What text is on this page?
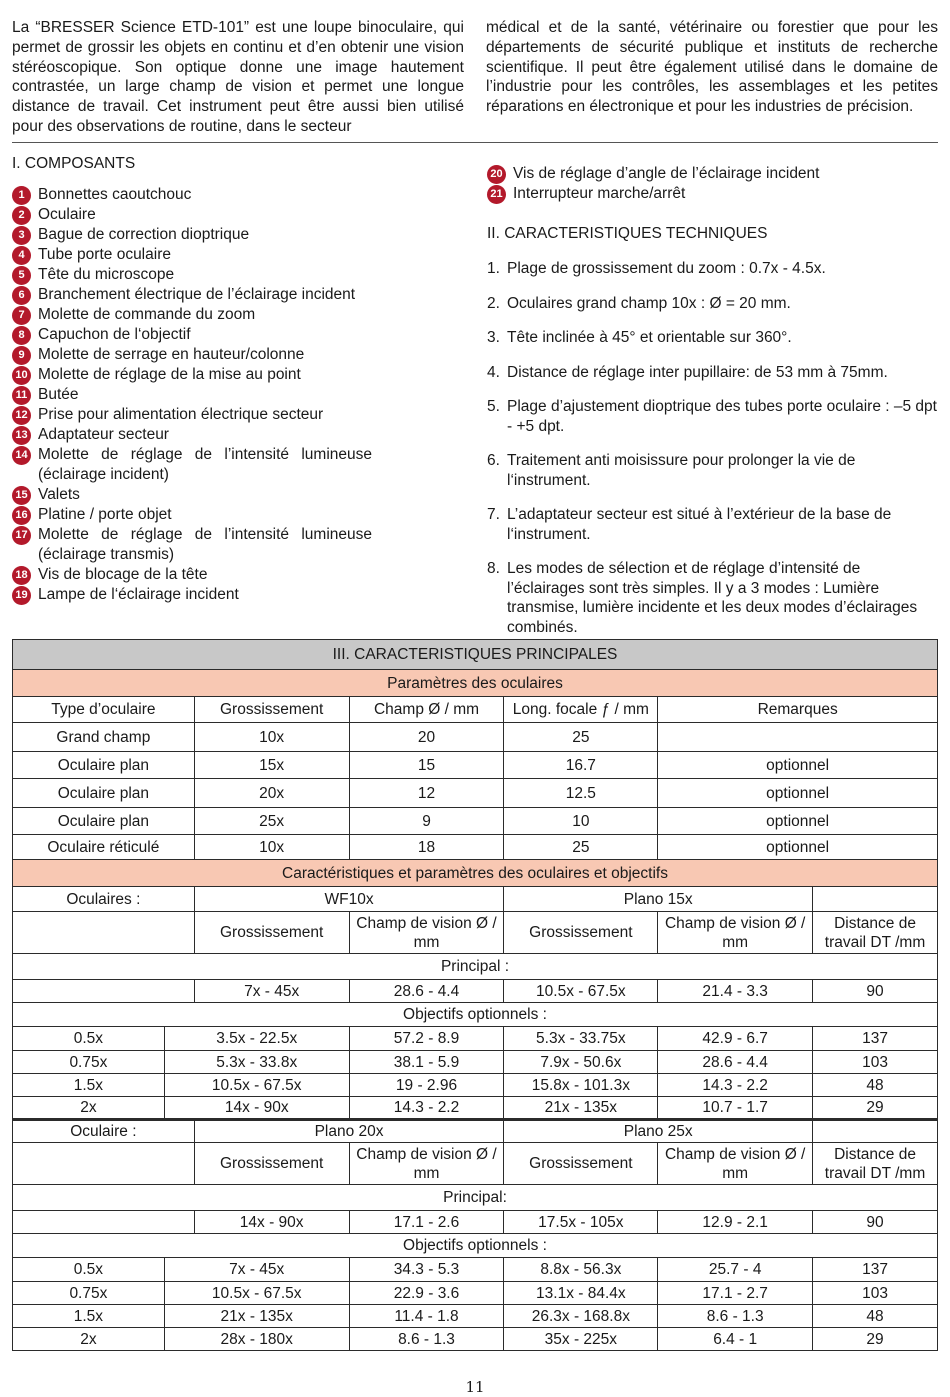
La “BRESSER Science ETD-101” est une loupe binoculaire, qui permet de grossir les objets en continu et d’en obtenir une vision stéréoscopique. Son optique donne une image hautement contrastée, un large champ de vision et permet une longue distance de travail. Cet instrument peut être aussi bien utilisé pour des observations de routine, dans le secteur

médical et de la santé, vétérinaire ou forestier que pour les départements de sécurité publique et instituts de recherche scientifique. Il peut être également utilisé dans le domaine de l’industrie pour les contrôles, les assemblages et les petites réparations en électronique et pour les industries de précision.

I. COMPOSANTS
1 Bonnettes caoutchouc
2 Oculaire
3 Bague de correction dioptrique
4 Tube porte oculaire
5 Tête du microscope
6 Branchement électrique de l’éclairage incident
7 Molette de commande du zoom
8 Capuchon de l‘objectif
9 Molette de serrage en hauteur/colonne
10 Molette de réglage de la mise au point
11 Butée
12 Prise pour alimentation électrique secteur
13 Adaptateur secteur
14 Molette de réglage de l’intensité lumineuse
(éclairage incident)
15 Valets
16 Platine / porte objet
17 Molette de réglage de l’intensité lumineuse
(éclairage transmis)
18 Vis de blocage de la tête
19 Lampe de l‘éclairage incident
20 Vis de réglage d’angle de l’éclairage incident
21 Interrupteur marche/arrêt
II. CARACTERISTIQUES TECHNIQUES
1. Plage de grossissement du zoom : 0.7x - 4.5x.
2. Oculaires grand champ 10x : Ø = 20 mm.
3. Tête inclinée à 45° et orientable sur 360°.
4. Distance de réglage inter pupillaire: de 53 mm à 75mm.
5. Plage d’ajustement dioptrique des tubes porte oculaire : –5 dpt - +5 dpt.
6. Traitement anti moisissure pour prolonger la vie de l‘instrument.
7. L’adaptateur secteur est situé à l’extérieur de la base de l‘instrument.
8. Les modes de sélection et de réglage d’intensité de l’éclairages sont très simples. Il y a 3 modes : Lumière transmise, lumière incidente et les deux modes d’éclairages combinés.
III. CARACTERISTIQUES PRINCIPALES						
Paramètres des oculaires						
Type d’oculaire		Grossissement	Champ Ø / mm	Long. focale ƒ / mm	Remarques	
Grand champ		10x	20	25		
Oculaire plan		15x	15	16.7	optionnel	
Oculaire plan		20x	12	12.5	optionnel	
Oculaire plan		25x	9	10	optionnel	
Oculaire réticulé		10x	18	25	optionnel	
Caractéristiques et paramètres des oculaires et objectifs						
Oculaires :		WF10x		Plano 15x		
		Grossissement	Champ de vision Ø / mm	Grossissement	Champ de vision Ø / mm	Distance de travail DT /mm
Principal :						
		7x - 45x	28.6 - 4.4	10.5x - 67.5x	21.4 - 3.3	90
Objectifs optionnels :						
0.5x	3.5x - 22.5x		57.2 - 8.9	5.3x - 33.75x	42.9 - 6.7	137
0.75x	5.3x - 33.8x		38.1 - 5.9	7.9x - 50.6x	28.6 - 4.4	103
1.5x	10.5x - 67.5x		19 - 2.96	15.8x - 101.3x	14.3 - 2.2	48
2x	14x - 90x		14.3 - 2.2	21x - 135x	10.7 - 1.7	29
Oculaire :		Plano 20x		Plano 25x		
		Grossissement	Champ de vision Ø / mm	Grossissement	Champ de vision Ø / mm	Distance de travail DT /mm
Principal:						
		14x - 90x	17.1 - 2.6	17.5x - 105x	12.9 - 2.1	90
Objectifs optionnels :						
0.5x	7x - 45x		34.3 - 5.3	8.8x - 56.3x	25.7 - 4	137
0.75x	10.5x - 67.5x		22.9 - 3.6	13.1x - 84.4x	17.1 - 2.7	103
1.5x	21x - 135x		11.4 - 1.8	26.3x - 168.8x	8.6 - 1.3	48
2x	28x - 180x		8.6 - 1.3	35x - 225x	6.4 - 1	29
11
